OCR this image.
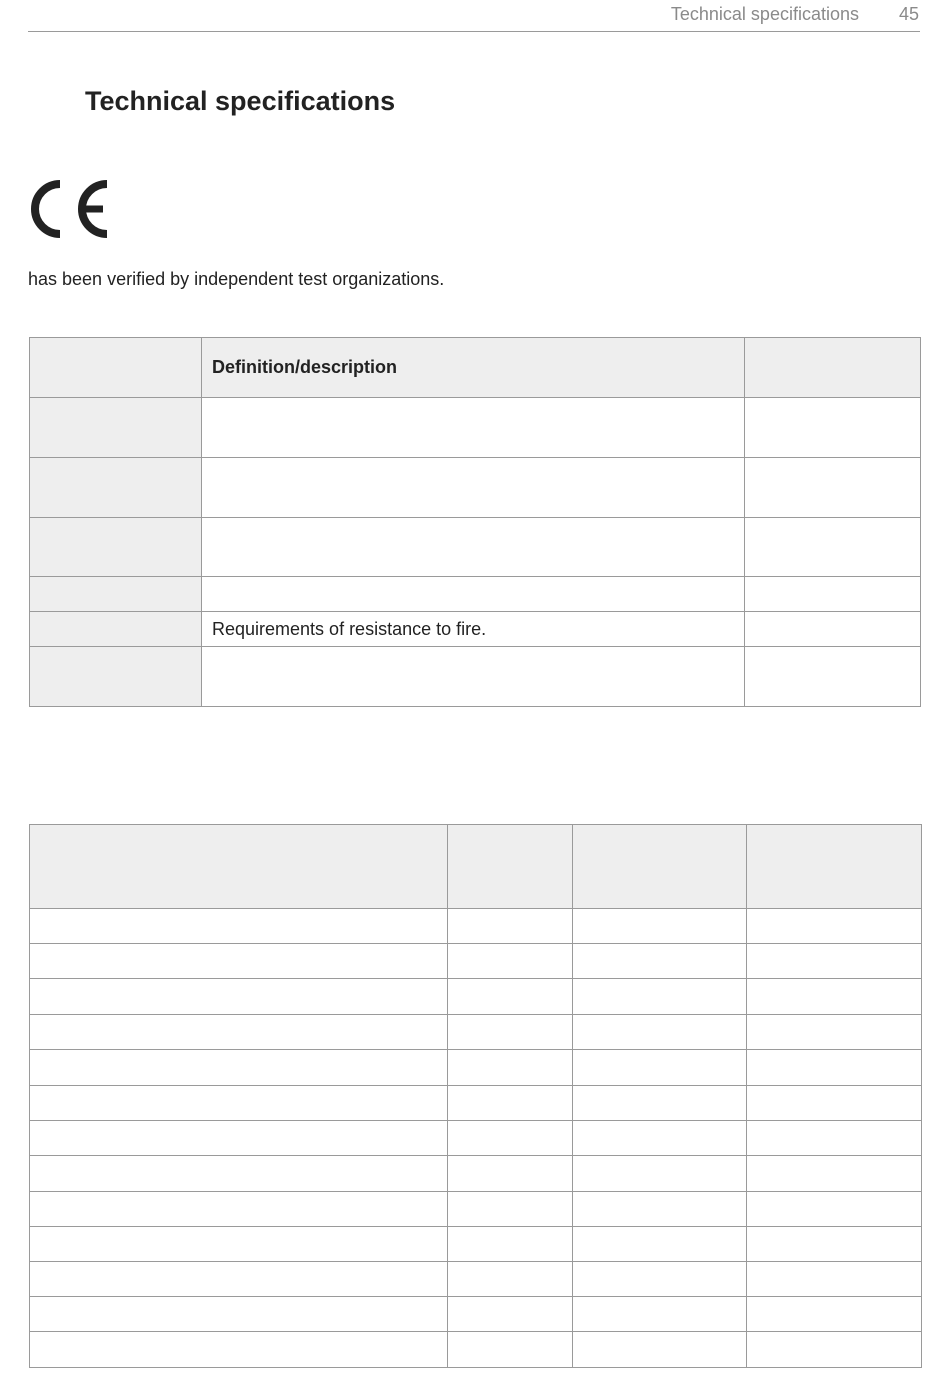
Technical specifications 45
Technical specifications

has been verified by independent test organizations.

	Definition/description	

	Requirements of resistance to fire.	
